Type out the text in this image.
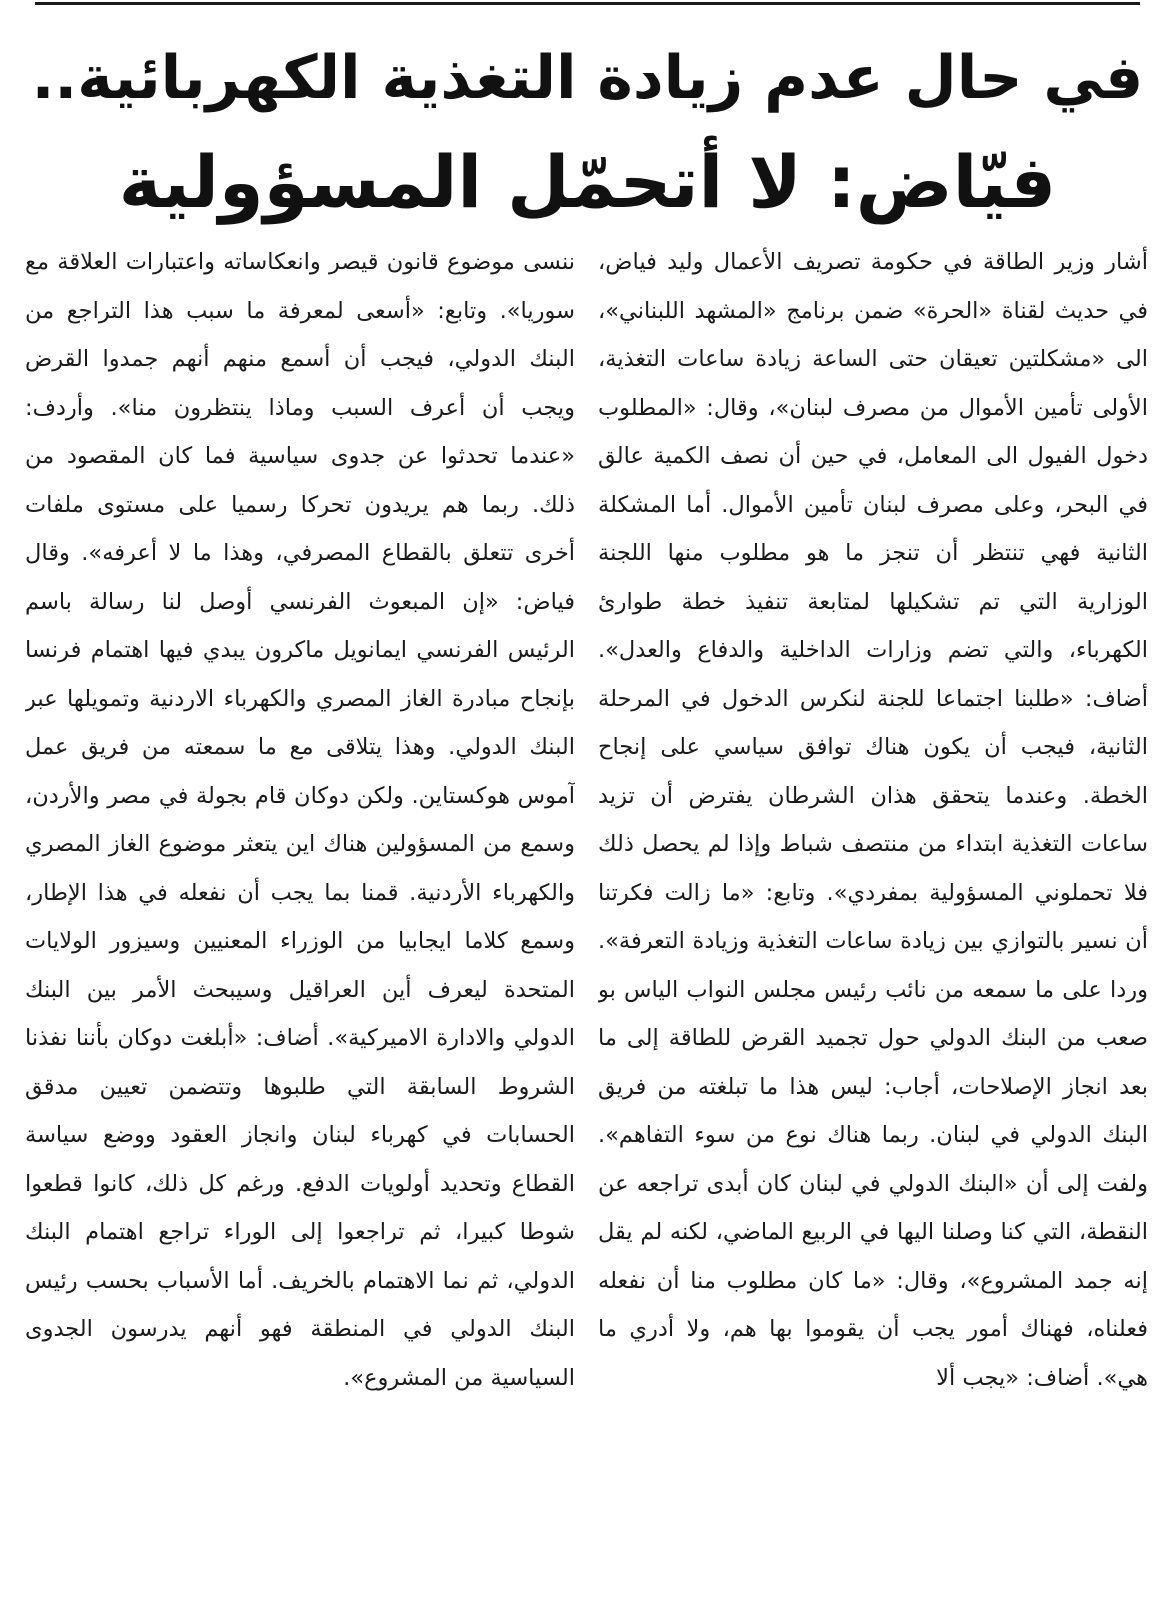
في حال عدم زيادة التغذية الكهربائية..
فيّاض: لا أتحمّل المسؤولية

أشار وزير الطاقة في حكومة تصريف الأعمال وليد فياض، في حديث لقناة «الحرة» ضمن برنامج «المشهد اللبناني»، الى «مشكلتين تعيقان حتى الساعة زيادة ساعات التغذية، الأولى تأمين الأموال من مصرف لبنان»، وقال: «المطلوب دخول الفيول الى المعامل، في حين أن نصف الكمية عالق في البحر، وعلى مصرف لبنان تأمين الأموال. أما المشكلة الثانية فهي تنتظر أن تنجز ما هو مطلوب منها اللجنة الوزارية التي تم تشكيلها لمتابعة تنفيذ خطة طوارئ الكهرباء، والتي تضم وزارات الداخلية والدفاع والعدل». أضاف: «طلبنا اجتماعا للجنة لنكرس الدخول في المرحلة الثانية، فيجب أن يكون هناك توافق سياسي على إنجاح الخطة. وعندما يتحقق هذان الشرطان يفترض أن تزيد ساعات التغذية ابتداء من منتصف شباط وإذا لم يحصل ذلك فلا تحملوني المسؤولية بمفردي». وتابع: «ما زالت فكرتنا أن نسير بالتوازي بين زيادة ساعات التغذية وزيادة التعرفة». وردا على ما سمعه من نائب رئيس مجلس النواب الياس بو صعب من البنك الدولي حول تجميد القرض للطاقة إلى ما بعد انجاز الإصلاحات، أجاب: ليس هذا ما تبلغته من فريق البنك الدولي في لبنان. ربما هناك نوع من سوء التفاهم». ولفت إلى أن «البنك الدولي في لبنان كان أبدى تراجعه عن النقطة، التي كنا وصلنا اليها في الربيع الماضي، لكنه لم يقل إنه جمد المشروع»، وقال: «ما كان مطلوب منا أن نفعله فعلناه، فهناك أمور يجب أن يقوموا بها هم، ولا أدري ما هي». أضاف: «يجب ألا

ننسى موضوع قانون قيصر وانعكاساته واعتبارات العلاقة مع سوريا». وتابع: «أسعى لمعرفة ما سبب هذا التراجع من البنك الدولي، فيجب أن أسمع منهم أنهم جمدوا القرض ويجب أن أعرف السبب وماذا ينتظرون منا». وأردف: «عندما تحدثوا عن جدوى سياسية فما كان المقصود من ذلك. ربما هم يريدون تحركا رسميا على مستوى ملفات أخرى تتعلق بالقطاع المصرفي، وهذا ما لا أعرفه». وقال فياض: «إن المبعوث الفرنسي أوصل لنا رسالة باسم الرئيس الفرنسي ايمانويل ماكرون يبدي فيها اهتمام فرنسا بإنجاح مبادرة الغاز المصري والكهرباء الاردنية وتمويلها عبر البنك الدولي. وهذا يتلاقى مع ما سمعته من فريق عمل آموس هوكستاين. ولكن دوكان قام بجولة في مصر والأردن، وسمع من المسؤولين هناك اين يتعثر موضوع الغاز المصري والكهرباء الأردنية. قمنا بما يجب أن نفعله في هذا الإطار، وسمع كلاما ايجابيا من الوزراء المعنيين وسيزور الولايات المتحدة ليعرف أين العراقيل وسيبحث الأمر بين البنك الدولي والادارة الاميركية». أضاف: «أبلغت دوكان بأننا نفذنا الشروط السابقة التي طلبوها وتتضمن تعيين مدقق الحسابات في كهرباء لبنان وانجاز العقود ووضع سياسة القطاع وتحديد أولويات الدفع. ورغم كل ذلك، كانوا قطعوا شوطا كبيرا، ثم تراجعوا إلى الوراء تراجع اهتمام البنك الدولي، ثم نما الاهتمام بالخريف. أما الأسباب بحسب رئيس البنك الدولي في المنطقة فهو أنهم يدرسون الجدوى السياسية من المشروع».
